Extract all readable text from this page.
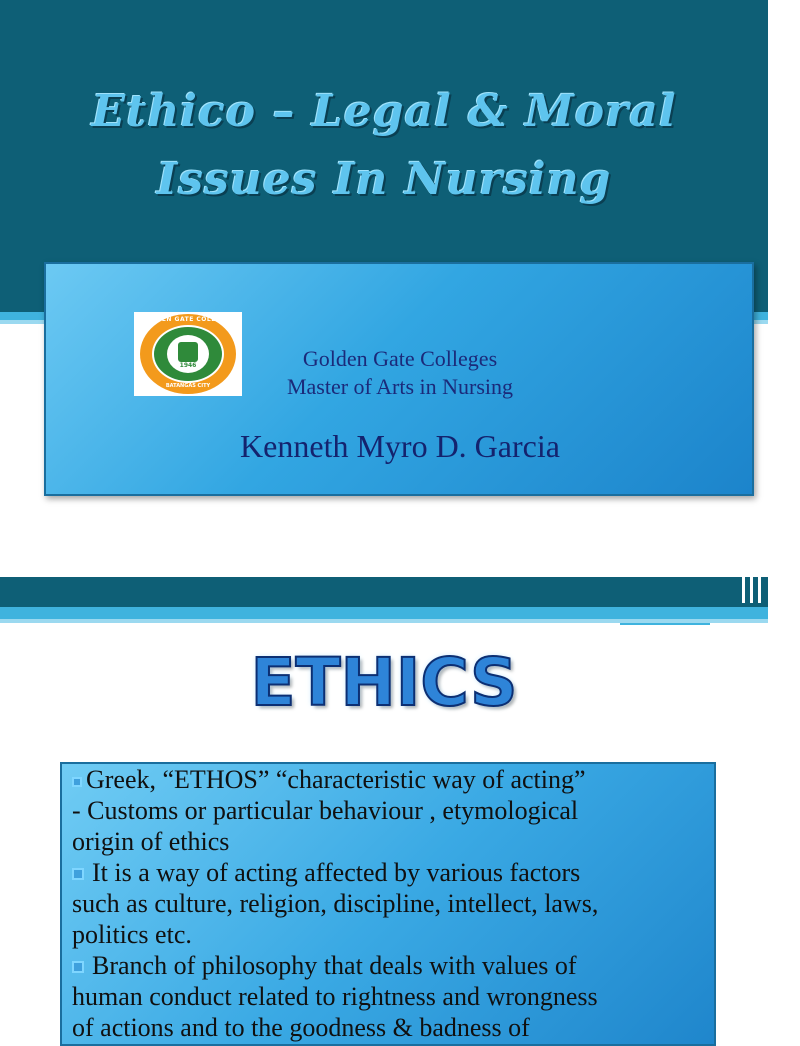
Ethico – Legal & Moral
Issues In Nursing
GOLDEN GATE COLLEGES
1946
BATANGAS CITY

Golden Gate Colleges

Master of Arts in Nursing

Kenneth Myro D. Garcia

ETHICS
Greek, “ETHOS” “characteristic way of acting”
- Customs or particular behaviour , etymological
origin of ethics
It is a way of acting affected by various factors
such as culture, religion, discipline, intellect, laws,
politics etc.
Branch of philosophy that deals with values of
human conduct related to rightness and wrongness
of actions and to the goodness & badness of
